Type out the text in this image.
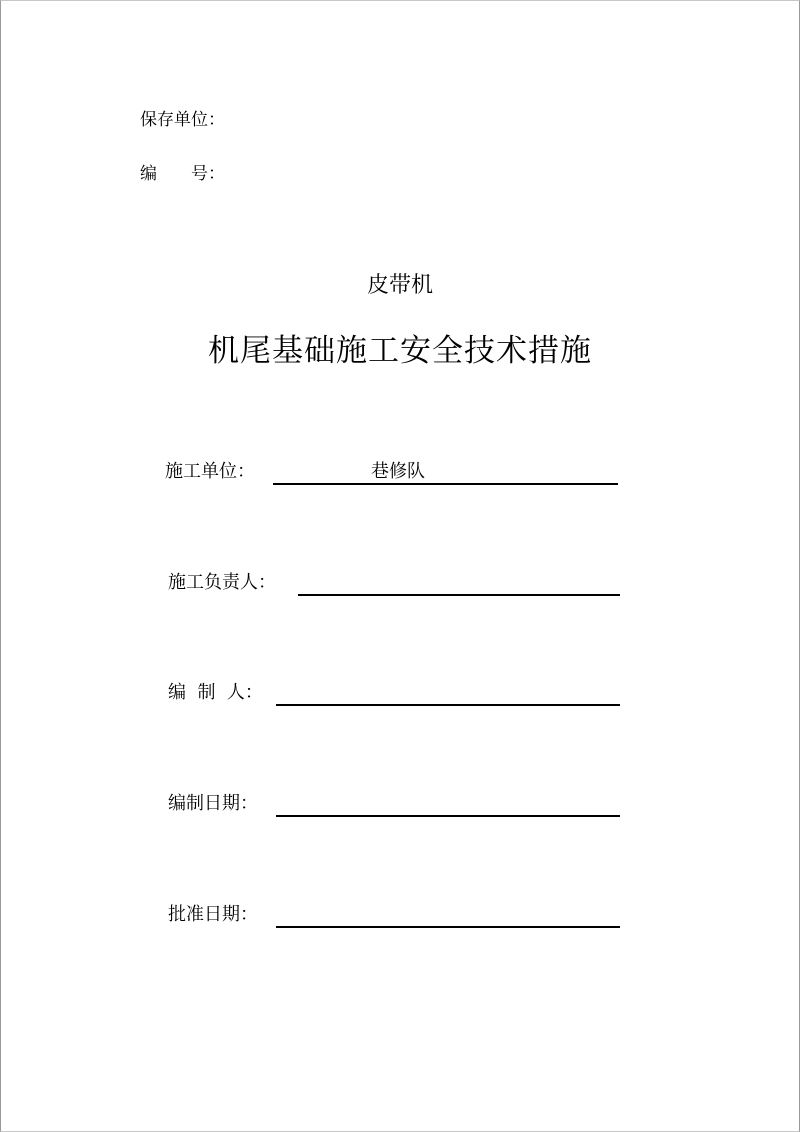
保存单位：
编　　号：
皮带机
机尾基础施工安全技术措施
施工单位：	巷修队
施工负责人：
编  制  人：
编制日期：
批准日期：
